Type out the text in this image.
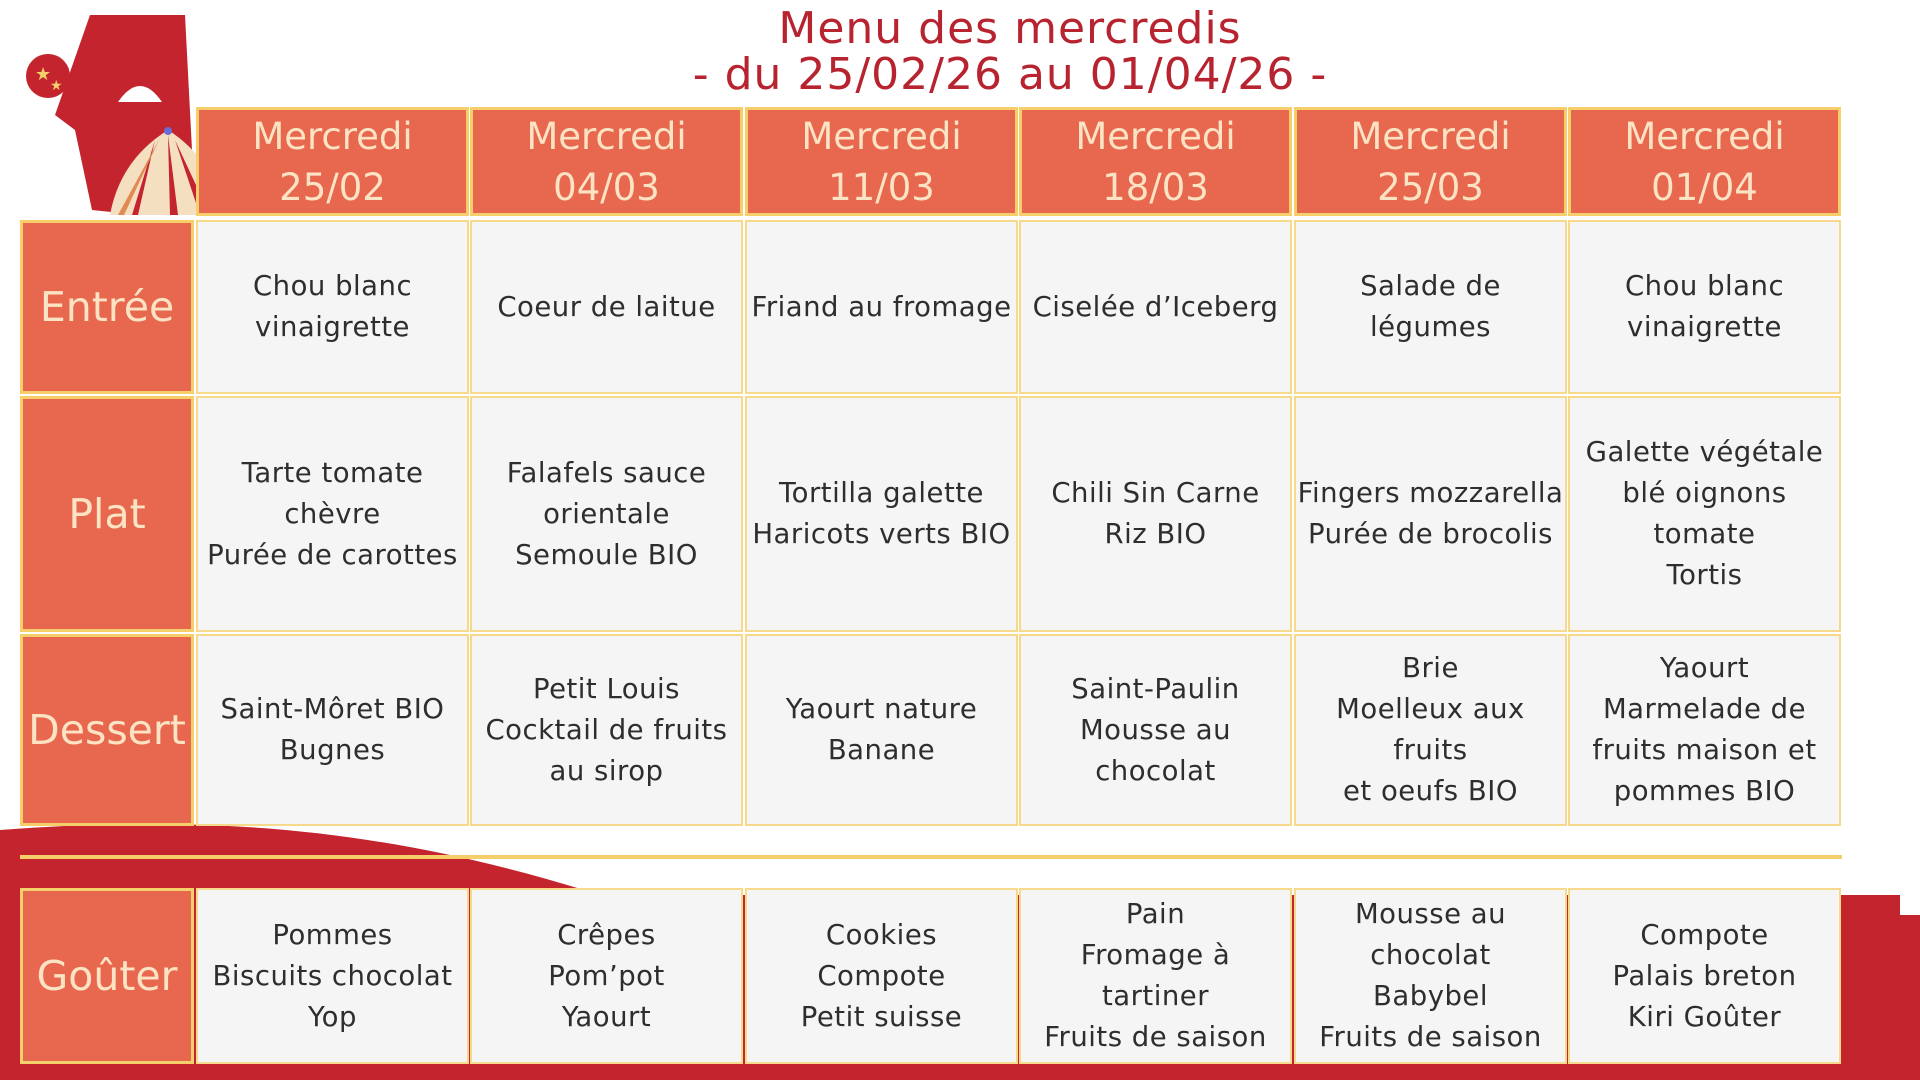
★
★
Menu des mercredis
- du 25/02/26 au 01/04/26 -
Mercredi
25/02
Mercredi
04/03
Mercredi
11/03
Mercredi
18/03
Mercredi
25/03
Mercredi
01/04
Entrée	Chou blanc
vinaigrette
Coeur de laitue Friand au fromage Ciselée d’Iceberg
Salade de légumes
Chou blanc
vinaigrette
Plat
Tarte tomate
chèvre
Purée de carottes
Falafels sauce
orientale
Semoule BIO
Tortilla galette
Haricots verts BIO
Chili Sin Carne
Riz BIO
Fingers mozzarella
Purée de brocolis
Galette végétale
blé oignons tomate
Tortis
Dessert Saint-Môret BIO
Bugnes
Petit Louis
Cocktail de fruits
au sirop
Yaourt nature
Banane
Saint-Paulin
Mousse au
chocolat
Brie
Moelleux aux fruits
et oeufs BIO
Yaourt
Marmelade de
fruits maison et
pommes BIO
Goûter
Pommes
Biscuits chocolat
Yop
Crêpes
Pom’pot
Yaourt
Cookies
Compote
Petit suisse
Pain
Fromage à
tartiner
Fruits de saison
Mousse au
chocolat
Babybel
Fruits de saison
Compote
Palais breton
Kiri Goûter
